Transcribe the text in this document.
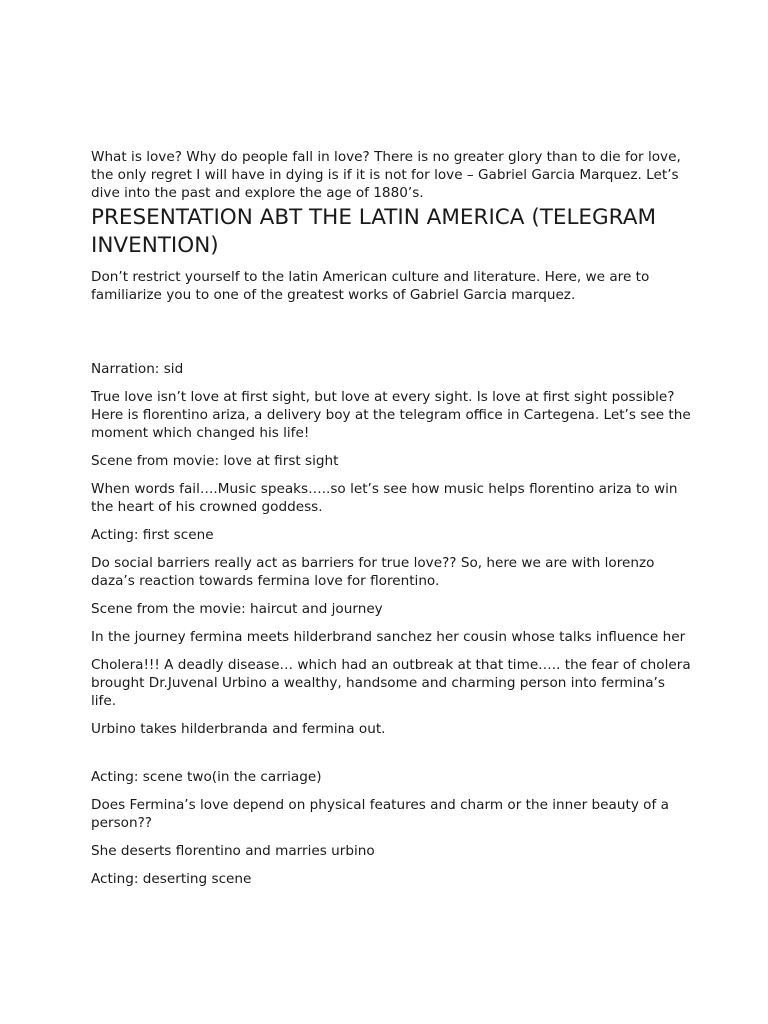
What is love? Why do people fall in love? There is no greater glory than to die for love, the only regret I will have in dying is if it is not for love – Gabriel Garcia Marquez. Let’s dive into the past and explore the age of 1880’s.

PRESENTATION ABT THE LATIN AMERICA (TELEGRAM INVENTION)

Don’t restrict yourself to the latin American culture and literature. Here, we are to familiarize you to one of the greatest works of Gabriel Garcia marquez.

Narration: sid

True love isn’t love at first sight, but love at every sight. Is love at first sight possible? Here is florentino ariza, a delivery boy at the telegram office in Cartegena. Let’s see the moment which changed his life!

Scene from movie: love at first sight

When words fail….Music speaks…..so let’s see how music helps florentino ariza to win the heart of his crowned goddess.

Acting: first scene

Do social barriers really act as barriers for true love?? So, here we are with lorenzo daza’s reaction towards fermina love for florentino.

Scene from the movie: haircut and journey

In the journey fermina meets hilderbrand sanchez her cousin whose talks influence her

Cholera!!! A deadly disease… which had an outbreak at that time….. the fear of cholera brought Dr.Juvenal Urbino a wealthy, handsome and charming person into fermina’s life.

Urbino takes hilderbranda and fermina out.

Acting: scene two(in the carriage)

Does Fermina’s love depend on physical features and charm or the inner beauty of a person??

She deserts florentino and marries urbino

Acting: deserting scene
